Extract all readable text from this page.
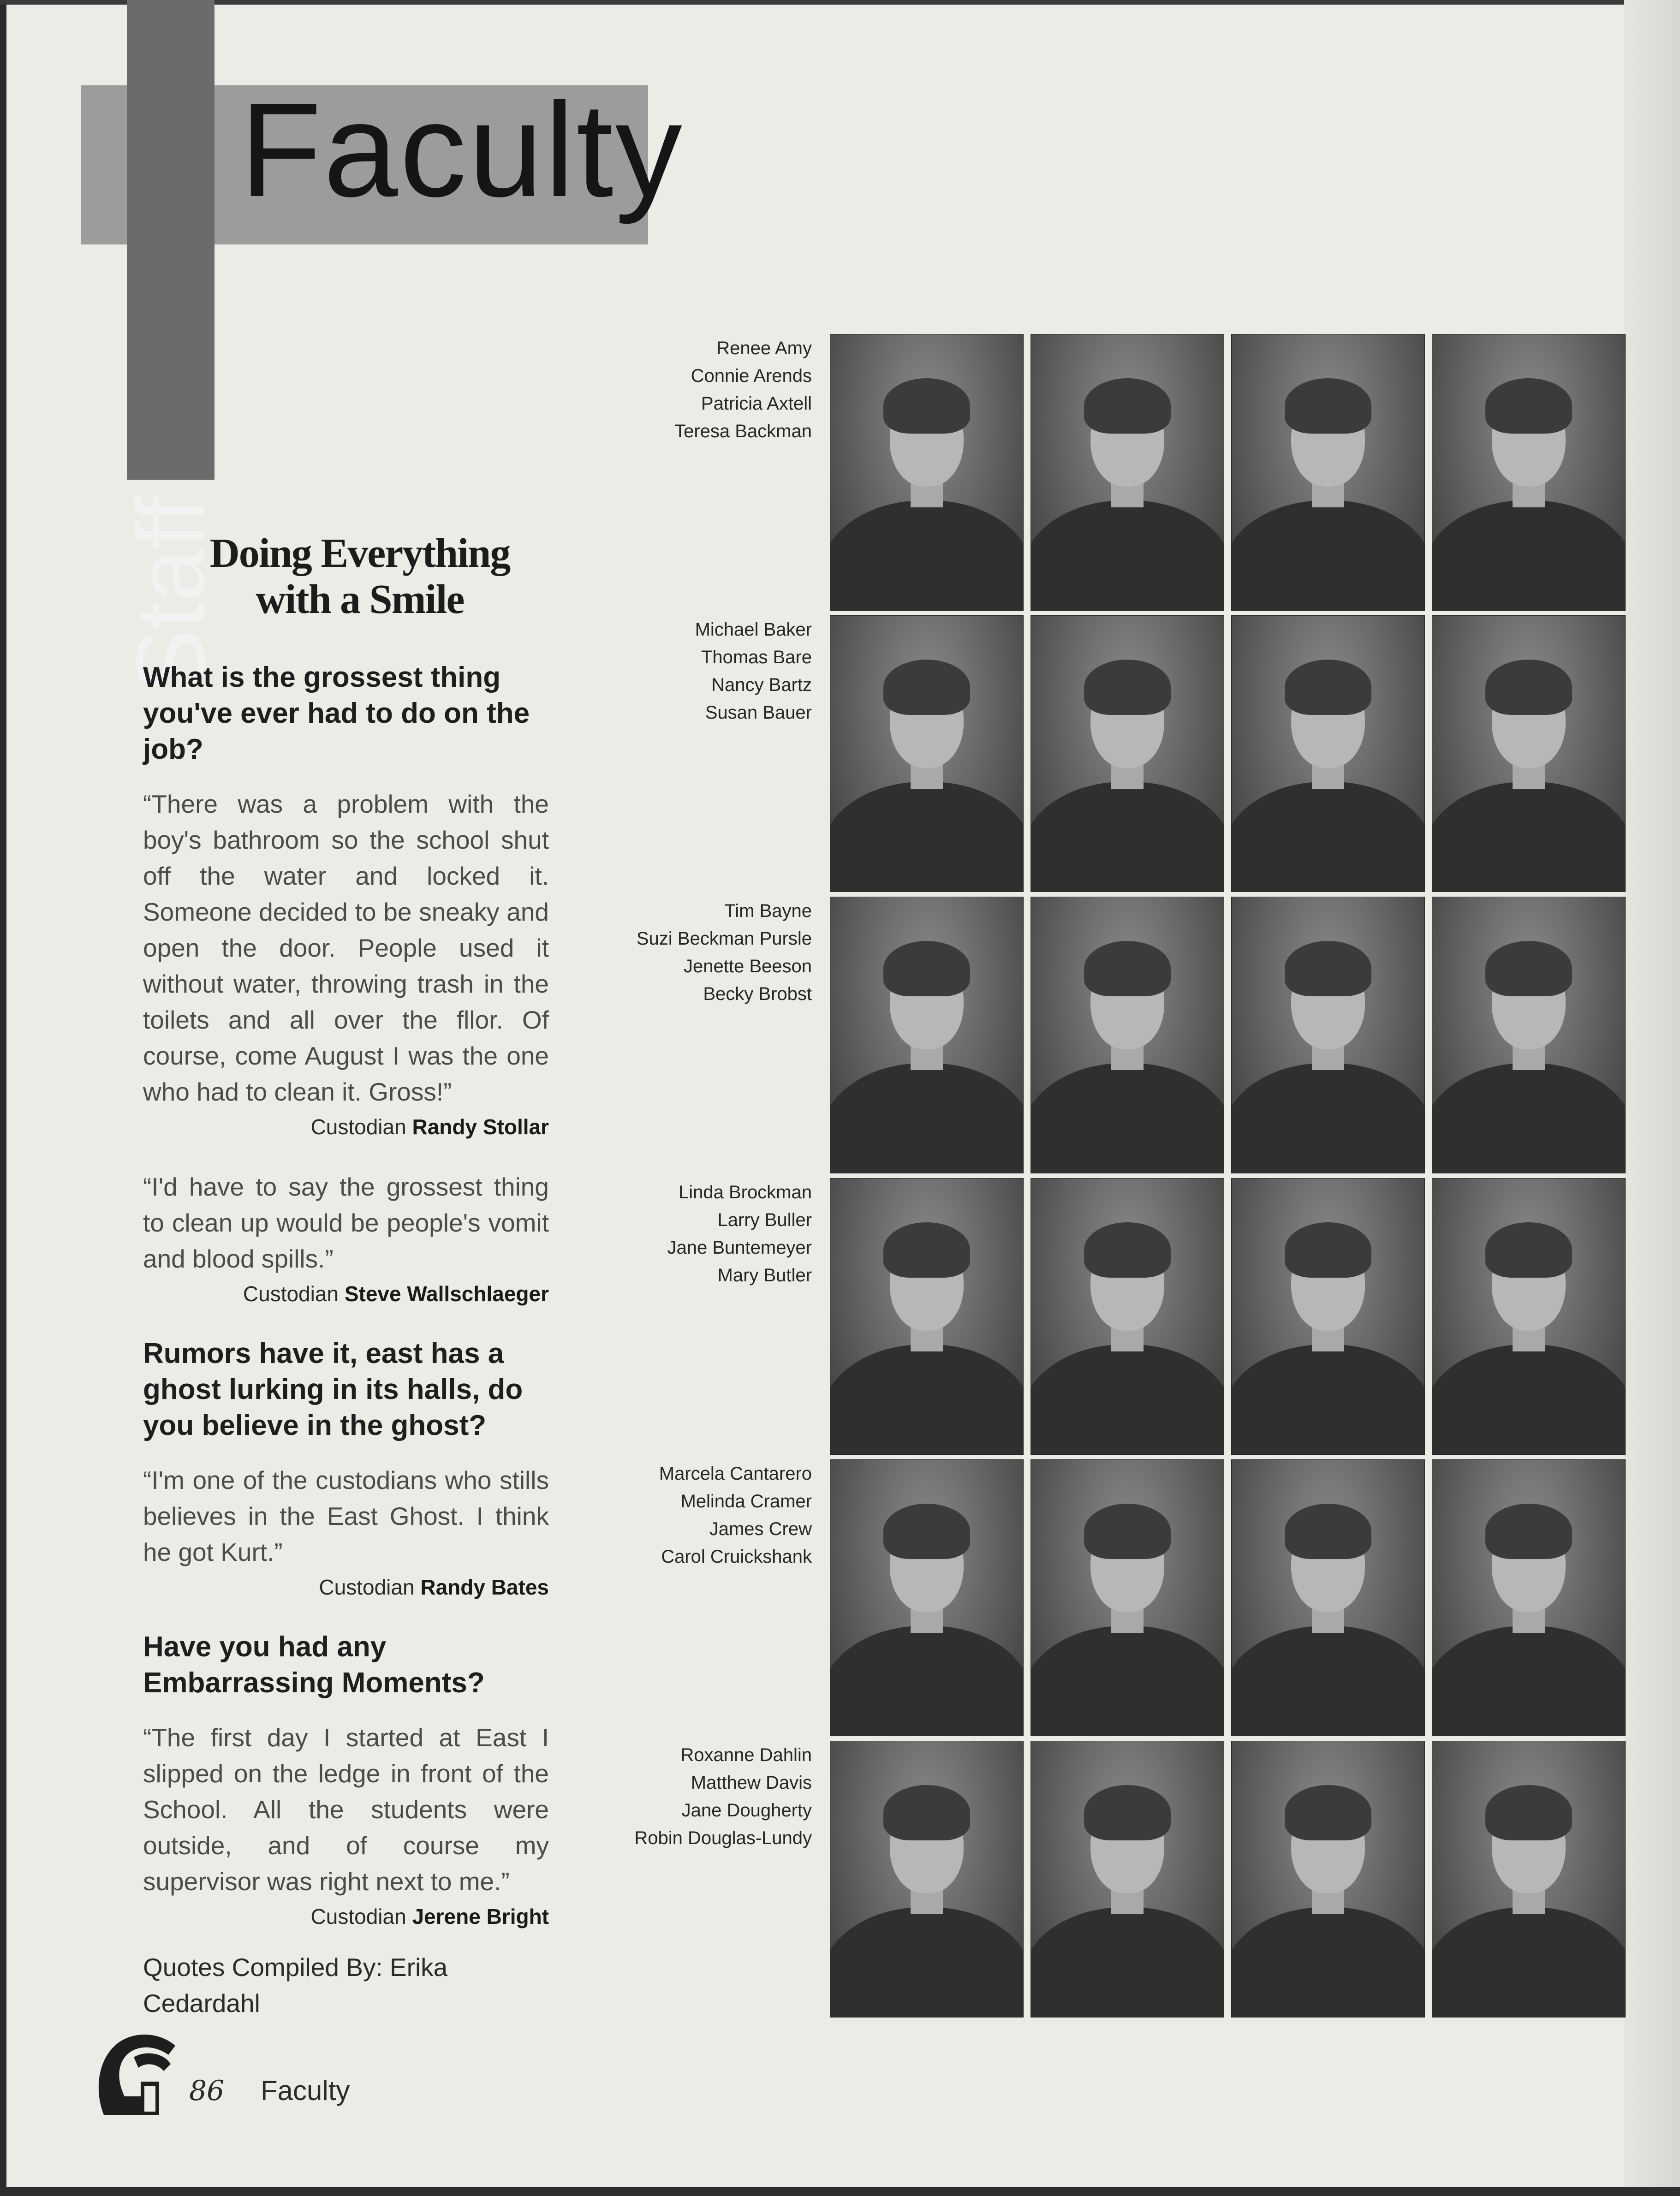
Faculty
Staff
Doing Everything with a Smile
What is the grossest thing you've ever had to do on the job?

“There was a problem with the boy's bathroom so the school shut off the water and locked it. Someone decided to be sneaky and open the door. People used it without water, throwing trash in the toilets and all over the fllor. Of course, come August I was the one who had to clean it. Gross!”

Custodian Randy Stollar

“I'd have to say the grossest thing to clean up would be people's vomit and blood spills.”

Custodian Steve Wallschlaeger
Rumors have it, east has a ghost lurking in its halls, do you believe in the ghost?

“I'm one of the custodians who stills believes in the East Ghost. I think he got Kurt.”

Custodian Randy Bates
Have you had any Embarrassing Moments?

“The first day I started at East I slipped on the ledge in front of the School. All the students were outside, and of course my supervisor was right next to me.”

Custodian Jerene Bright
Quotes Compiled By: Erika Cedardahl
Renee Amy
Connie Arends
Patricia Axtell
Teresa Backman
Michael Baker
Thomas Bare
Nancy Bartz
Susan Bauer
Tim Bayne
Suzi Beckman Pursle
Jenette Beeson
Becky Brobst
Linda Brockman
Larry Buller
Jane Buntemeyer
Mary Butler
Marcela Cantarero
Melinda Cramer
James Crew
Carol Cruickshank
Roxanne Dahlin
Matthew Davis
Jane Dougherty
Robin Douglas-Lundy
86 Faculty
